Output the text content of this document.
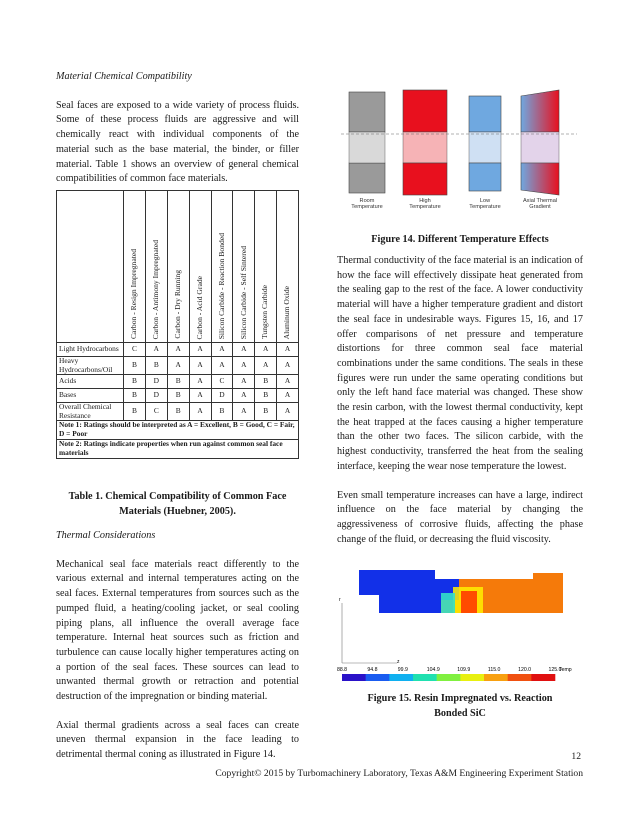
Material Chemical Compatibility

Seal faces are exposed to a wide variety of process fluids. Some of these process fluids are aggressive and will chemically react with individual components of the material such as the base material, the binder, or filler material. Table 1 shows an overview of general chemical compatibilities of common face materials.

	Carbon - Resign Impregnated	Carbon - Antimony Impregnated	Carbon - Dry Running	Carbon - Acid Grade	Silicon Carbide - Reaction Bonded	Silicon Carbide - Self Sintered	Tungsten Carbide	Aluminum Oxide

Light Hydrocarbons	C	A	A	A	A	A	A	A
Heavy Hydrocarbons/Oil	B	B	A	A	A	A	A	A
Acids	B	D	B	A	C	A	B	A
Bases	B	D	B	A	D	A	B	A
Overall Chemical Resistance	B	C	B	A	B	A	B	A
Note 1: Ratings should be interpreted as A = Excellent, B = Good, C = Fair, D = Poor								
Note 2: Ratings indicate properties when run against common seal face materials								
Table 1. Chemical Compatibility of Common Face Materials (Huebner, 2005).

Thermal Considerations

Mechanical seal face materials react differently to the various external and internal temperatures acting on the seal faces. External temperatures from sources such as the pumped fluid, a heating/cooling jacket, or seal cooling piping plans, all influence the overall average face temperature. Internal heat sources such as friction and turbulence can cause locally higher temperatures acting on a portion of the seal faces. These sources can lead to unwanted thermal growth or retraction and potential destruction of the impregnation or binding material.

Axial thermal gradients across a seal faces can create uneven thermal expansion in the face leading to detrimental thermal coning as illustrated in Figure 14.

Room Temperature
High Temperature
Low Temperature
Axial Thermal Gradient
Figure 14. Different Temperature Effects

Thermal conductivity of the face material is an indication of how the face will effectively dissipate heat generated from the sealing gap to the rest of the face. A lower conductivity material will have a higher temperature gradient and distort the seal face in undesirable ways. Figures 15, 16, and 17 offer comparisons of net pressure and temperature distortions for three common seal face material combinations under the same conditions. The seals in these figures were run under the same operating conditions but only the left hand face material was changed. These show the resin carbon, with the lowest thermal conductivity, kept the heat trapped at the faces causing a higher temperature than the other two faces. The silicon carbide, with the highest conductivity, transferred the heat from the sealing interface, keeping the wear nose temperature the lowest.

Even small temperature increases can have a large, indirect influence on the face material by changing the aggressiveness of corrosive fluids, affecting the phase change of the fluid, or decreasing the fluid viscosity.

r
z
88.8	94.8	99.9	104.9	109.9	115.0	120.0	125.0
Temp
Figure 15. Resin Impregnated vs. Reaction Bonded SiC
12
Copyright© 2015 by Turbomachinery Laboratory, Texas A&M Engineering Experiment Station
